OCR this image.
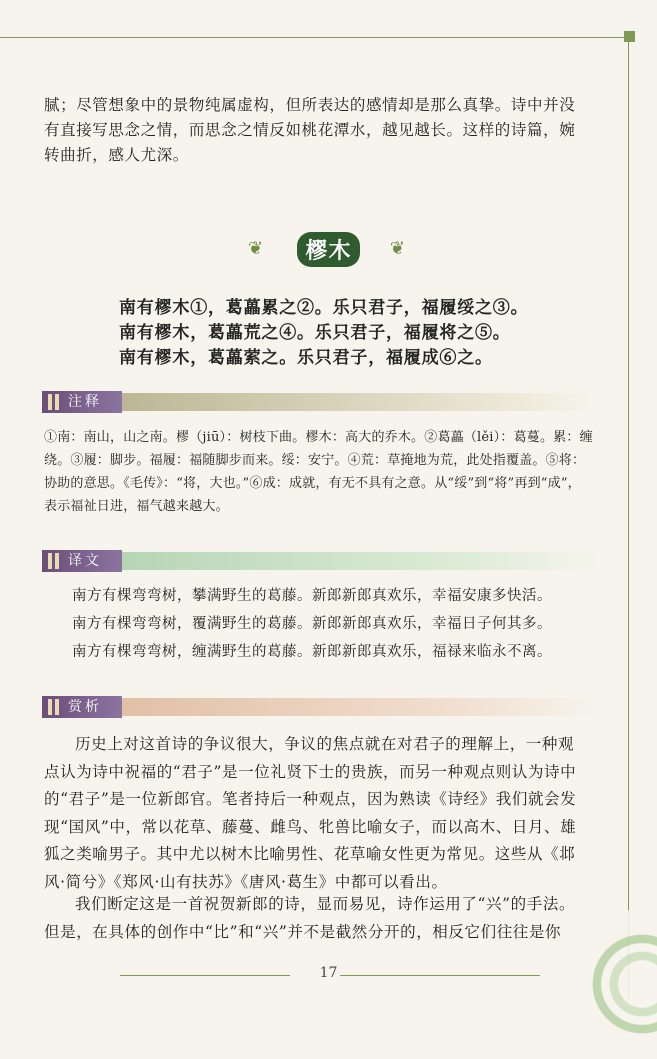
腻；尽管想象中的景物纯属虚构，但所表达的感情却是那么真挚。诗中并没有直接写思念之情，而思念之情反如桃花潭水，越见越长。这样的诗篇，婉转曲折，感人尤深。
❦ 樛木 ❦
南有樛木①，葛藟累之②。乐只君子，福履绥之③。
南有樛木，葛藟荒之④。乐只君子，福履将之⑤。
南有樛木，葛藟萦之。乐只君子，福履成⑥之。
注释
①南：南山，山之南。樛（jiū）：树枝下曲。樛木：高大的乔木。②葛藟（lěi）：葛蔓。累：缠绕。③履：脚步。福履：福随脚步而来。绥：安宁。④荒：草掩地为荒，此处指覆盖。⑤将：协助的意思。《毛传》：“将，大也。”⑥成：成就，有无不具有之意。从“绥”到“将”再到“成”，表示福祉日进，福气越来越大。
译文
南方有棵弯弯树，攀满野生的葛藤。新郎新郎真欢乐，幸福安康多快活。
南方有棵弯弯树，覆满野生的葛藤。新郎新郎真欢乐，幸福日子何其多。
南方有棵弯弯树，缠满野生的葛藤。新郎新郎真欢乐，福禄来临永不离。
赏析
历史上对这首诗的争议很大，争议的焦点就在对君子的理解上，一种观点认为诗中祝福的“君子”是一位礼贤下士的贵族，而另一种观点则认为诗中的“君子”是一位新郎官。笔者持后一种观点，因为熟读《诗经》我们就会发现“国风”中，常以花草、藤蔓、雌鸟、牝兽比喻女子，而以高木、日月、雄狐之类喻男子。其中尤以树木比喻男性、花草喻女性更为常见。这些从《邶风·简兮》《郑风·山有扶苏》《唐风·葛生》中都可以看出。
我们断定这是一首祝贺新郎的诗，显而易见，诗作运用了“兴”的手法。但是，在具体的创作中“比”和“兴”并不是截然分开的，相反它们往往是你
17
